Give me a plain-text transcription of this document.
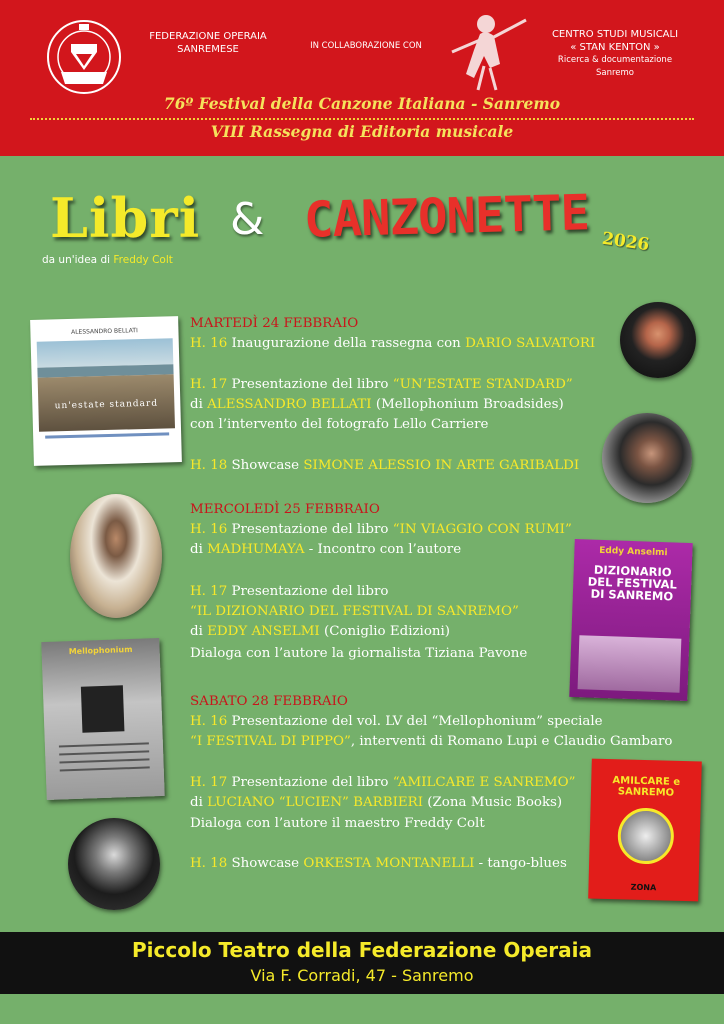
FEDERAZIONE OPERAIA
SANREMESE	IN COLLABORAZIONE CON
CENTRO STUDI MUSICALI
« STAN KENTON »
Ricerca & documentazione
Sanremo
76º Festival della Canzone Italiana - Sanremo
VIII Rassegna di Editoria musicale
Libri & CANZONETTE 2026
da un'idea di Freddy Colt
ALESSANDRO BELLATI
un'estate standard
Mellophonium
Eddy Anselmi
DIZIONARIO
DEL FESTIVAL
DI SANREMO
AMILCARE e SANREMO
ZONA
MARTEDÌ 24 FEBBRAIO
H. 16 Inaugurazione della rassegna con DARIO SALVATORI
H. 17 Presentazione del libro “UN’ESTATE STANDARD”
di ALESSANDRO BELLATI (Mellophonium Broadsides)
con l’intervento del fotografo Lello Carriere
H. 18 Showcase SIMONE ALESSIO IN ARTE GARIBALDI
MERCOLEDÌ 25 FEBBRAIO
H. 16 Presentazione del libro “IN VIAGGIO CON RUMI”
di MADHUMAYA - Incontro con l’autore
H. 17 Presentazione del libro
“IL DIZIONARIO DEL FESTIVAL DI SANREMO”
di EDDY ANSELMI (Coniglio Edizioni)
Dialoga con l’autore la giornalista Tiziana Pavone
SABATO 28 FEBBRAIO
H. 16 Presentazione del vol. LV del “Mellophonium” speciale
“I FESTIVAL DI PIPPO”, interventi di Romano Lupi e Claudio Gambaro
H. 17 Presentazione del libro “AMILCARE E SANREMO”
di LUCIANO “LUCIEN” BARBIERI (Zona Music Books)
Dialoga con l’autore il maestro Freddy Colt
H. 18 Showcase ORKESTA MONTANELLI - tango-blues
Piccolo Teatro della Federazione Operaia
Via F. Corradi, 47 - Sanremo
